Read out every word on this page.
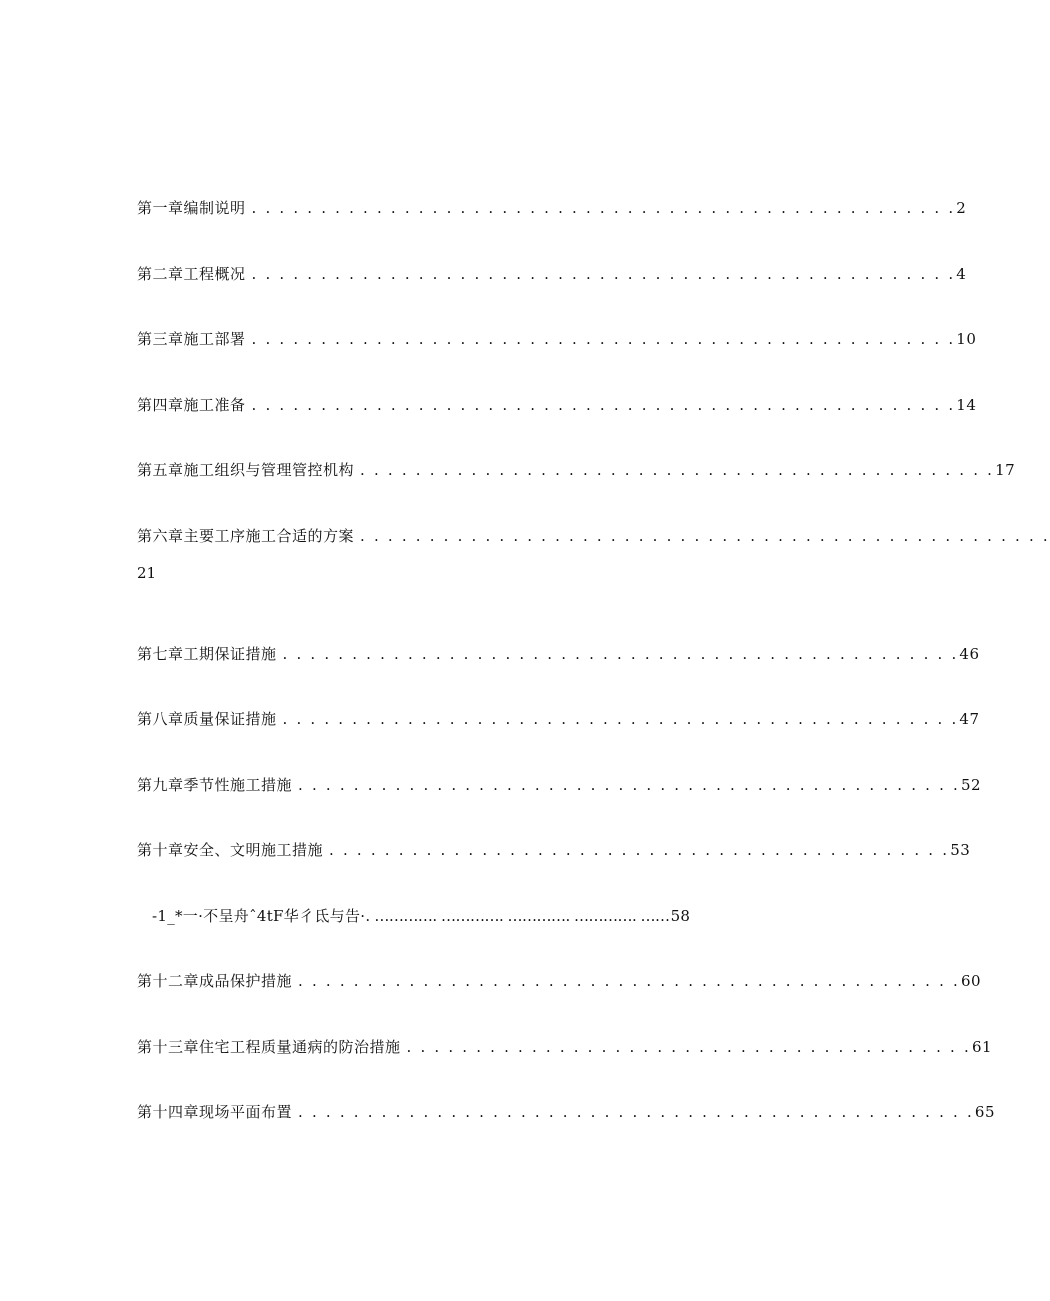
第一章编制说明 . . . . . . . . . . . . . . . . . . . . . . . . . . . . . . . . . . . . . . . . . . . . . . . . . . .2
第二章工程概况 . . . . . . . . . . . . . . . . . . . . . . . . . . . . . . . . . . . . . . . . . . . . . . . . . . .4
第三章施工部署 . . . . . . . . . . . . . . . . . . . . . . . . . . . . . . . . . . . . . . . . . . . . . . . . . . .10
第四章施工准备 . . . . . . . . . . . . . . . . . . . . . . . . . . . . . . . . . . . . . . . . . . . . . . . . . . .14
第五章施工组织与管理管控机构 . . . . . . . . . . . . . . . . . . . . . . . . . . . . . . . . . . . . . . . . . . . . . .17
第六章主要工序施工合适的方案 . . . . . . . . . . . . . . . . . . . . . . . . . . . . . . . . . . . . . . . . . . . . . . . . . .
21
第七章工期保证措施 . . . . . . . . . . . . . . . . . . . . . . . . . . . . . . . . . . . . . . . . . . . . . . . . .46
第八章质量保证措施 . . . . . . . . . . . . . . . . . . . . . . . . . . . . . . . . . . . . . . . . . . . . . . . . .47
第九章季节性施工措施 . . . . . . . . . . . . . . . . . . . . . . . . . . . . . . . . . . . . . . . . . . . . . . . .52
第十章安全、文明施工措施 . . . . . . . . . . . . . . . . . . . . . . . . . . . . . . . . . . . . . . . . . . . . .53
-1_*一·不呈舟ˆ4tF华彳氐与告·. …………. …………. …………. …………. ……58
第十二章成品保护措施 . . . . . . . . . . . . . . . . . . . . . . . . . . . . . . . . . . . . . . . . . . . . . . . .60
第十三章住宅工程质量通病的防治措施 . . . . . . . . . . . . . . . . . . . . . . . . . . . . . . . . . . . . . . . . .61
第十四章现场平面布置 . . . . . . . . . . . . . . . . . . . . . . . . . . . . . . . . . . . . . . . . . . . . . . . . .65
